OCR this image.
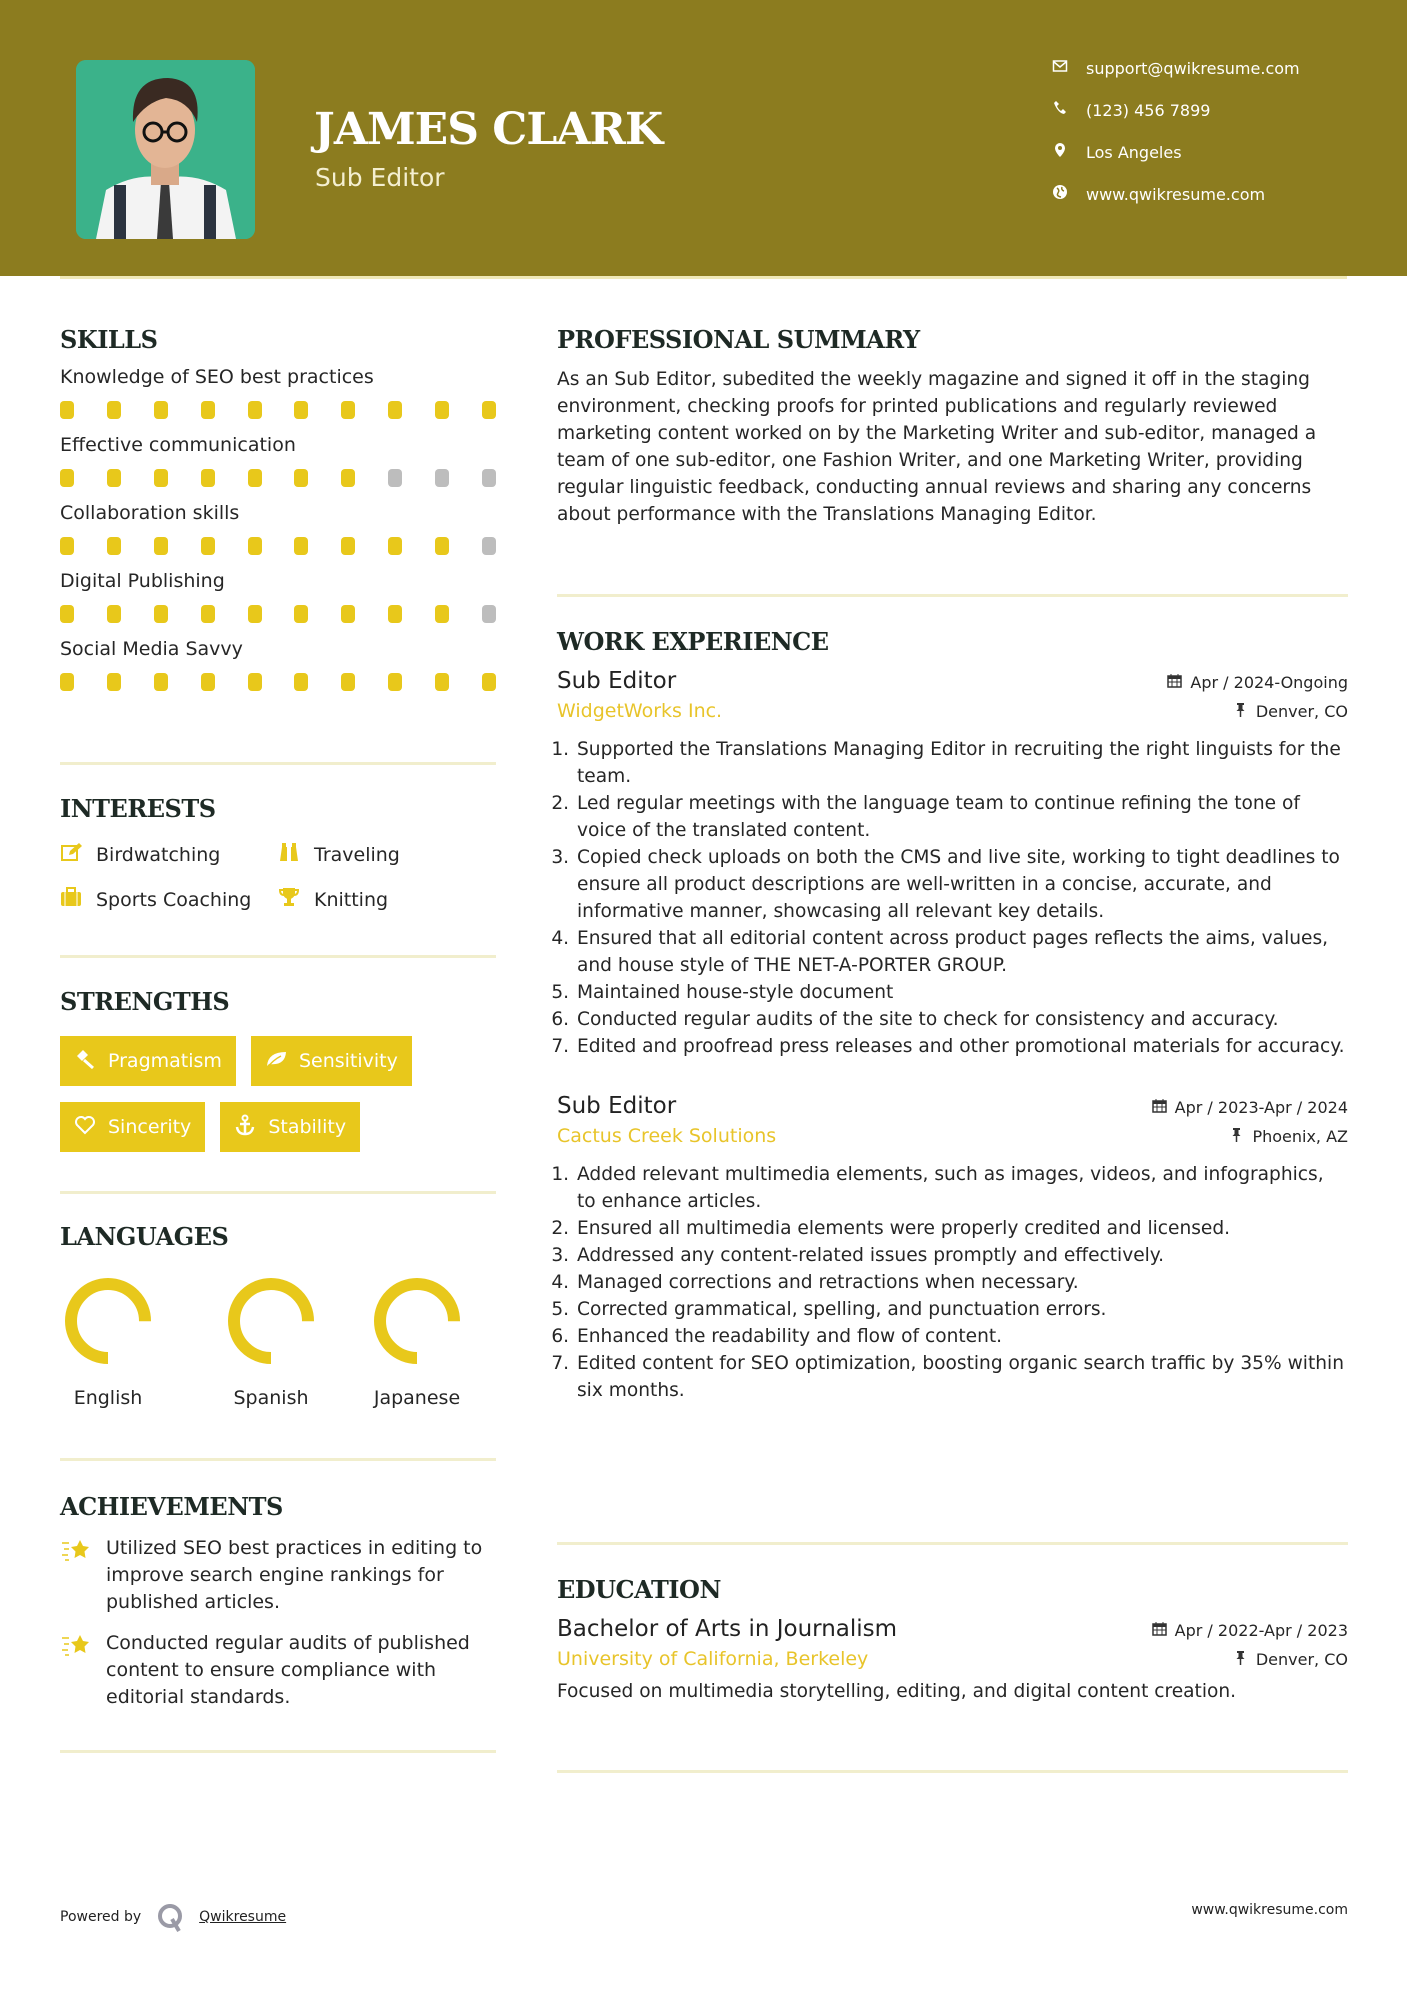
JAMES CLARK
Sub Editor
support@qwikresume.com
(123) 456 7899
Los Angeles
www.qwikresume.com
SKILLS
Knowledge of SEO best practices
Effective communication
Collaboration skills
Digital Publishing
Social Media Savvy
INTERESTS
Birdwatching	Traveling
Sports Coaching	Knitting
STRENGTHS
Pragmatism	Sensitivity
Sincerity	Stability
LANGUAGES
English	Spanish	Japanese
ACHIEVEMENTS
Utilized SEO best practices in editing to improve search engine rankings for published articles.
Conducted regular audits of published content to ensure compliance with editorial standards.
PROFESSIONAL SUMMARY
As an Sub Editor, subedited the weekly magazine and signed it off in the staging environment, checking proofs for printed publications and regularly reviewed marketing content worked on by the Marketing Writer and sub-editor, managed a team of one sub-editor, one Fashion Writer, and one Marketing Writer, providing regular linguistic feedback, conducting annual reviews and sharing any concerns about performance with the Translations Managing Editor.
WORK EXPERIENCE
Sub Editor	Apr / 2024-Ongoing
WidgetWorks Inc.	Denver, CO
1. Supported the Translations Managing Editor in recruiting the right linguists for the team.
2. Led regular meetings with the language team to continue refining the tone of voice of the translated content.
3. Copied check uploads on both the CMS and live site, working to tight deadlines to ensure all product descriptions are well-written in a concise, accurate, and informative manner, showcasing all relevant key details.
4. Ensured that all editorial content across product pages reflects the aims, values, and house style of THE NET-A-PORTER GROUP.
5. Maintained house-style document
6. Conducted regular audits of the site to check for consistency and accuracy.
7. Edited and proofread press releases and other promotional materials for accuracy.
Sub Editor	Apr / 2023-Apr / 2024
Cactus Creek Solutions	Phoenix, AZ
1. Added relevant multimedia elements, such as images, videos, and infographics, to enhance articles.
2. Ensured all multimedia elements were properly credited and licensed.
3. Addressed any content-related issues promptly and effectively.
4. Managed corrections and retractions when necessary.
5. Corrected grammatical, spelling, and punctuation errors.
6. Enhanced the readability and flow of content.
7. Edited content for SEO optimization, boosting organic search traffic by 35% within six months.
EDUCATION
Bachelor of Arts in Journalism	Apr / 2022-Apr / 2023
University of California, Berkeley	Denver, CO
Focused on multimedia storytelling, editing, and digital content creation.
Powered by	Qwikresume	www.qwikresume.com
